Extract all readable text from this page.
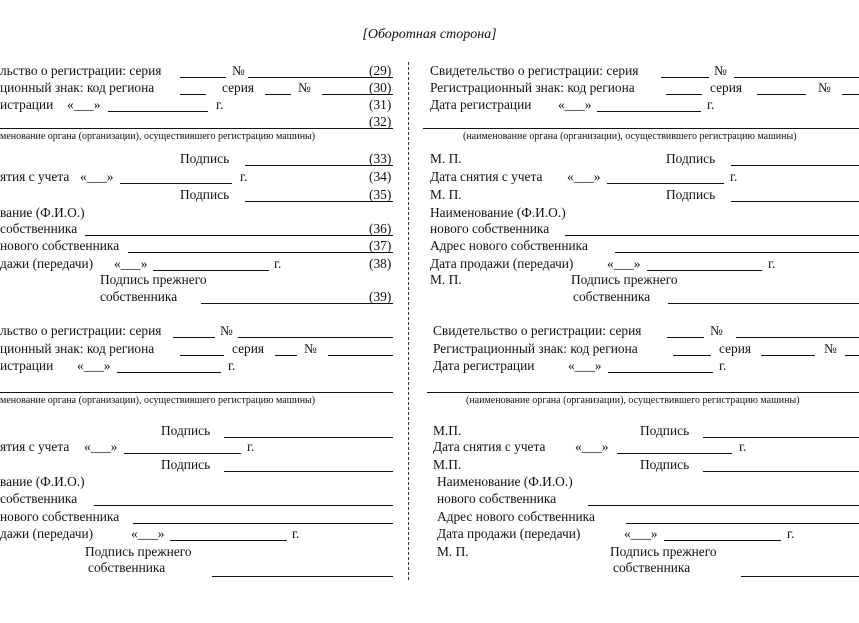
[Оборотная сторона]
льство о регистрации: серия	№	(29)
ционный знак: код региона	серия	№	(30)
истрации «___»	г.	(31)
(32)
менование органа (организации), осуществившего регистрацию машины)
Подпись	(33)
ятия с учета «___»	г.	(34)
Подпись	(35)
вание (Ф.И.О.)
собственника	(36)
нового собственника	(37)
дажи (передачи) «___»	г.	(38)
Подпись прежнего
собственника	(39)
льство о регистрации: серия	№
ционный знак: код региона	серия	№
истрации «___»	г.
менование органа (организации), осуществившего регистрацию машины)
Подпись
ятия с учета «___»	г.
Подпись
вание (Ф.И.О.)
собственника
нового собственника
дажи (передачи)	«___»	г.
Подпись прежнего
собственника
Свидетельство о регистрации: серия	№
Регистрационный знак: код региона	серия	№
Дата регистрации «___»	г.
(наименование органа (организации), осуществившего регистрацию машины)
М. П.	Подпись
Дата снятия с учета «___»	г.
М. П.	Подпись
Наименование (Ф.И.О.)
нового собственника
Адрес нового собственника
Дата продажи (передачи)	«___»	г.
М. П.	Подпись прежнего
собственника
Свидетельство о регистрации: серия	№
Регистрационный знак: код региона	серия	№
Дата регистрации	«___»	г.
(наименование органа (организации), осуществившего регистрацию машины)
М.П.	Подпись
Дата снятия с учета «___»	г.
М.П.	Подпись
Наименование (Ф.И.О.)
нового собственника
Адрес нового собственника
Дата продажи (передачи)	«___»	г.
М. П.	Подпись прежнего
собственника
